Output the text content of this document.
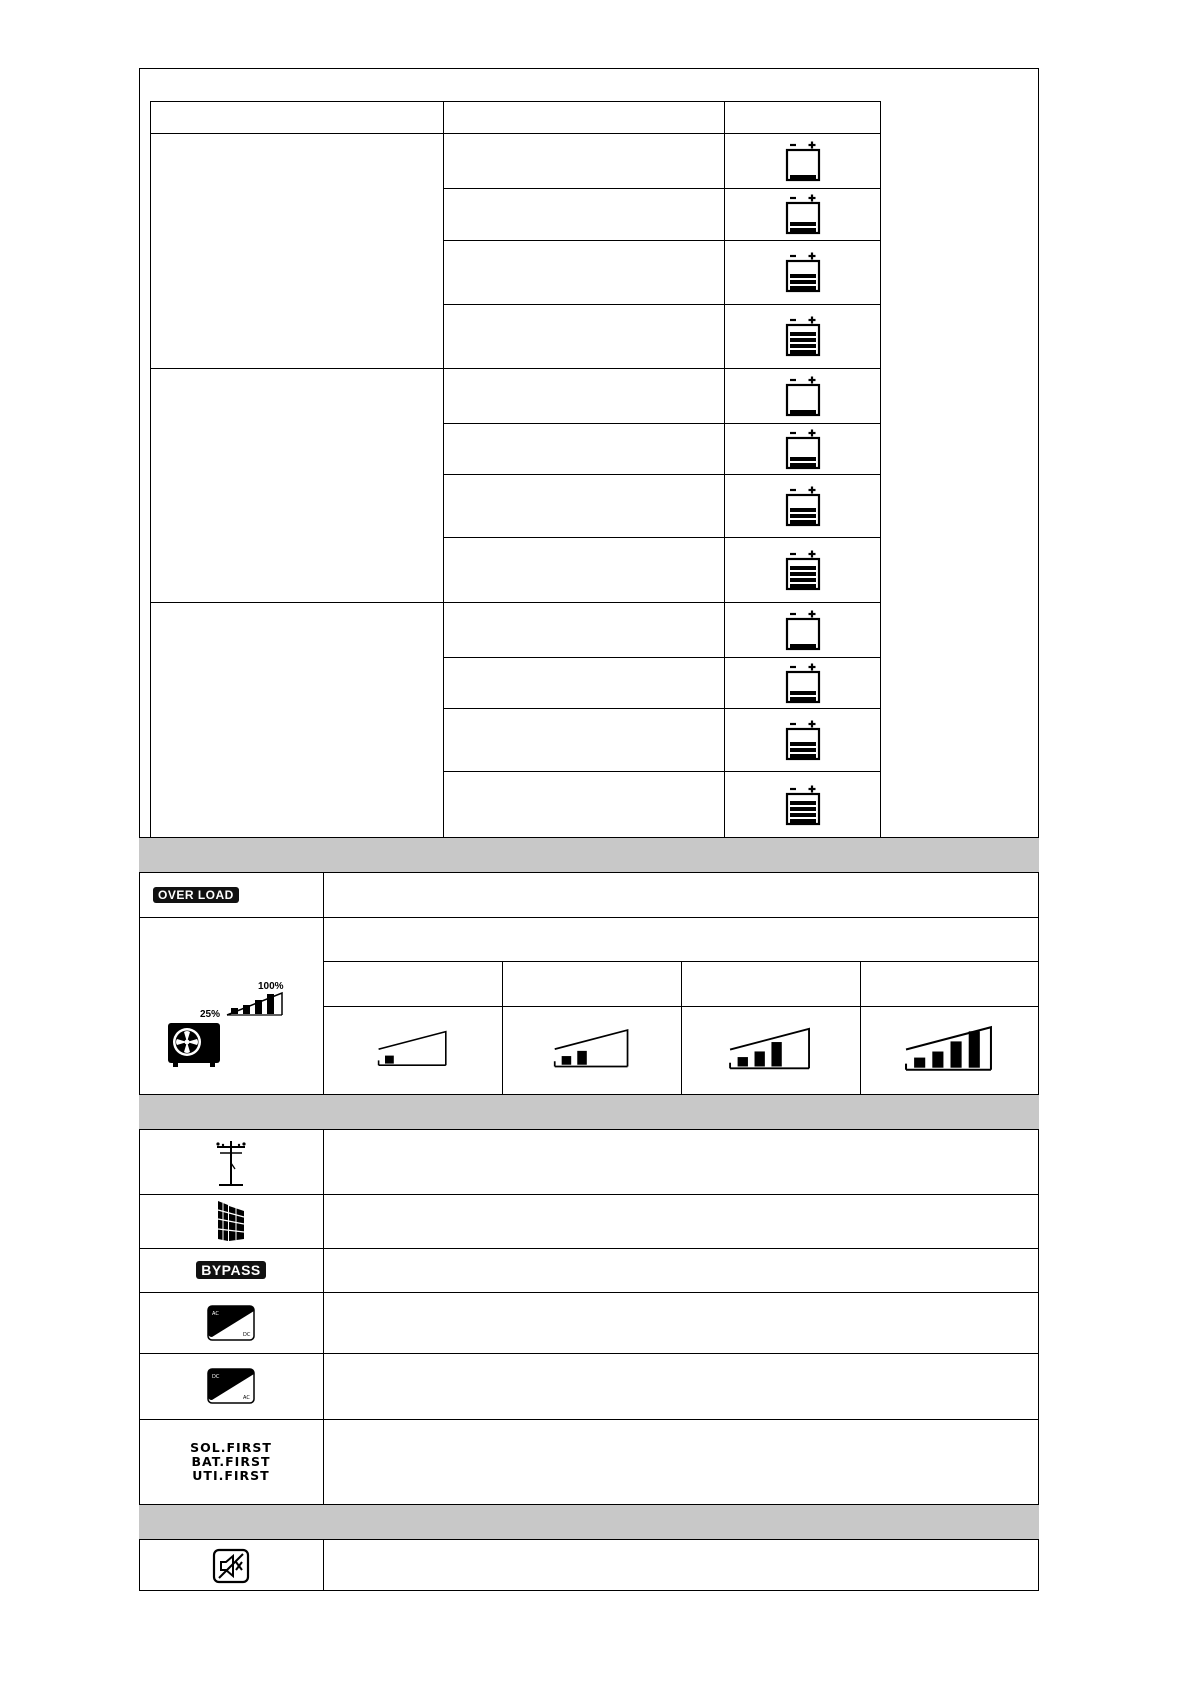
OVER LOAD
100%
25%
BYPASS
AC
DC
DC
AC
SOL.FIRST
BAT.FIRST
UTI.FIRST
